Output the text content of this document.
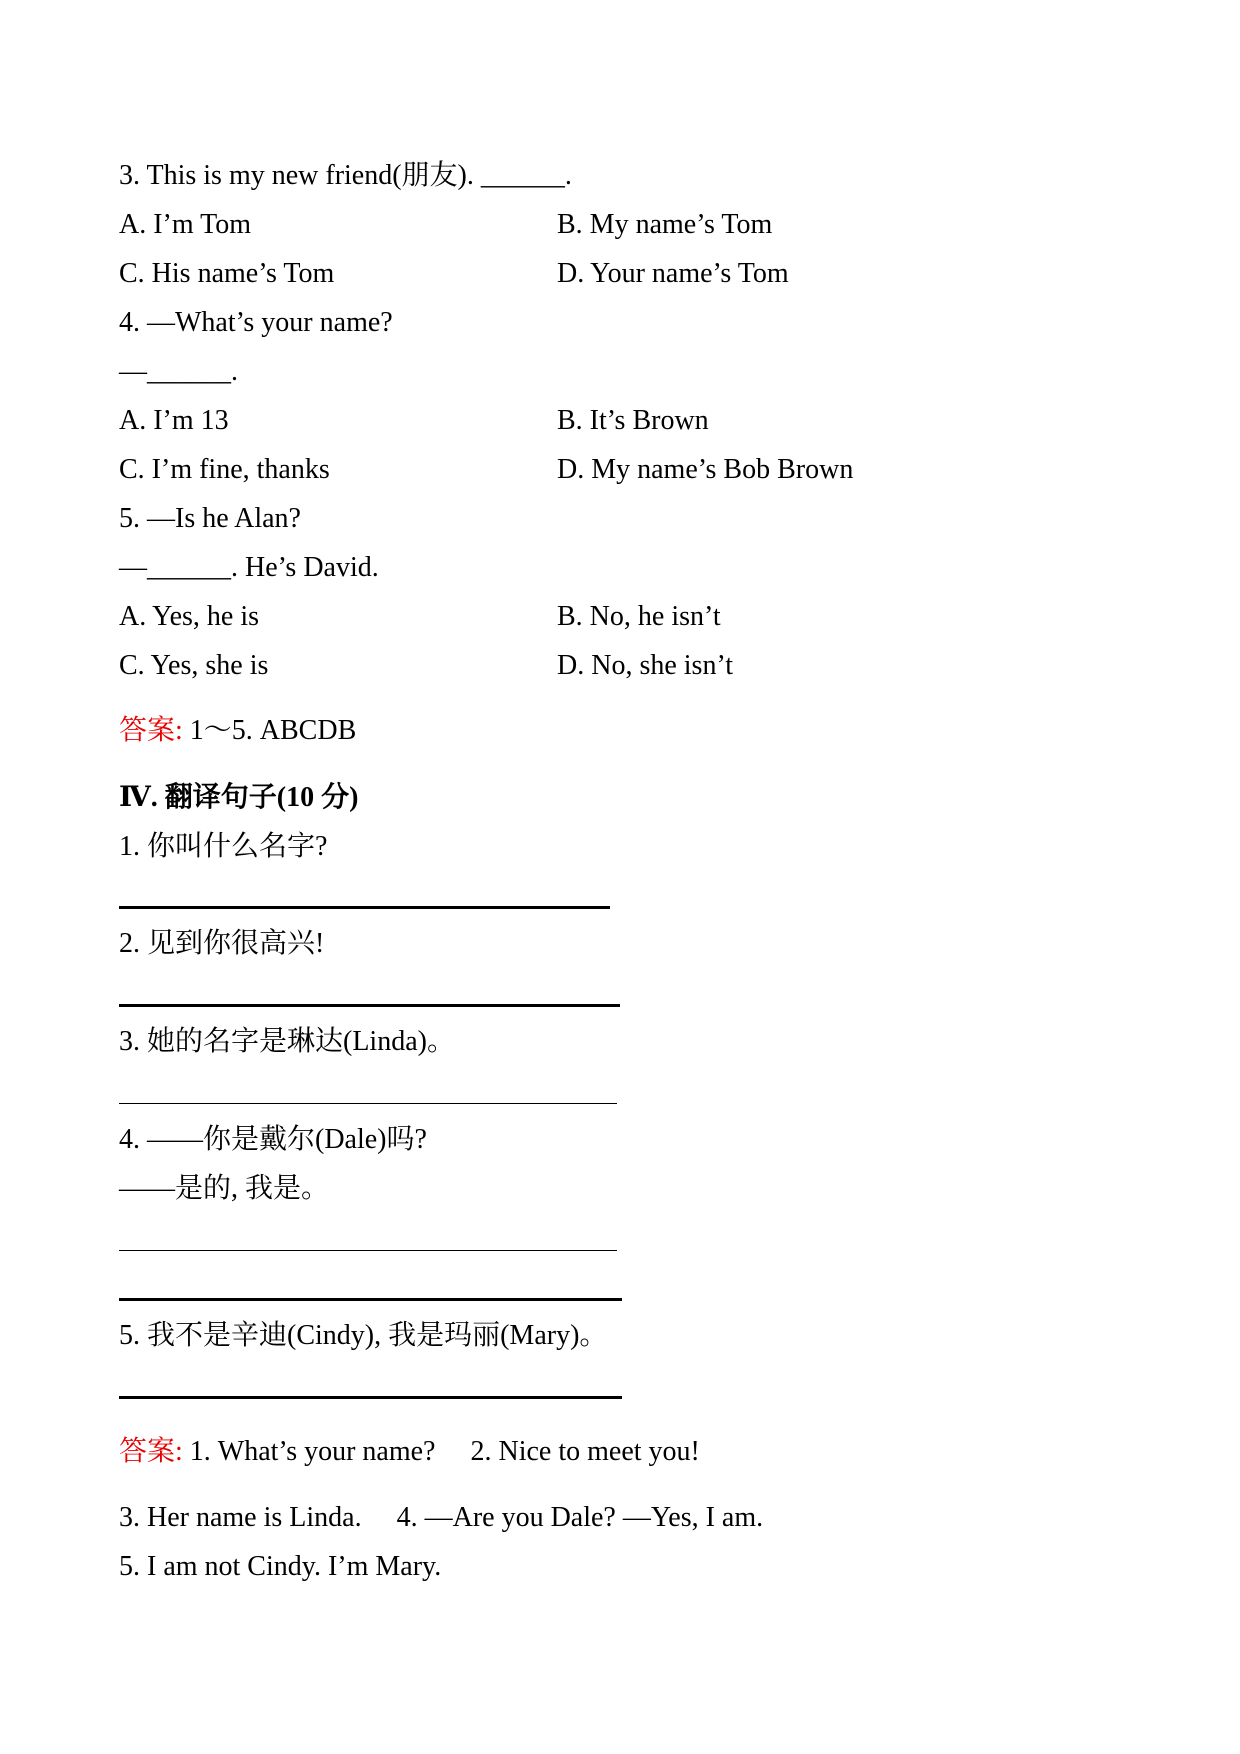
3. This is my new friend(朋友). ______.
A. I’m Tom	B. My name’s Tom
C. His name’s Tom	D. Your name’s Tom
4. —What’s your name?
—______.
A. I’m 13	B. It’s Brown
C. I’m fine, thanks	D. My name’s Bob Brown
5. —Is he Alan?
—______. He’s David.
A. Yes, he is	B. No, he isn’t
C. Yes, she is	D. No, she isn’t
答案: 1～5. ABCDB
Ⅳ. 翻译句子(10 分)
1. 你叫什么名字?
2. 见到你很高兴!
3. 她的名字是琳达(Linda)。
4. ——你是戴尔(Dale)吗?
——是的, 我是。
5. 我不是辛迪(Cindy), 我是玛丽(Mary)。
答案: 1. What’s your name?     2. Nice to meet you!
3. Her name is Linda.     4. —Are you Dale? —Yes, I am.
5. I am not Cindy. I’m Mary.
